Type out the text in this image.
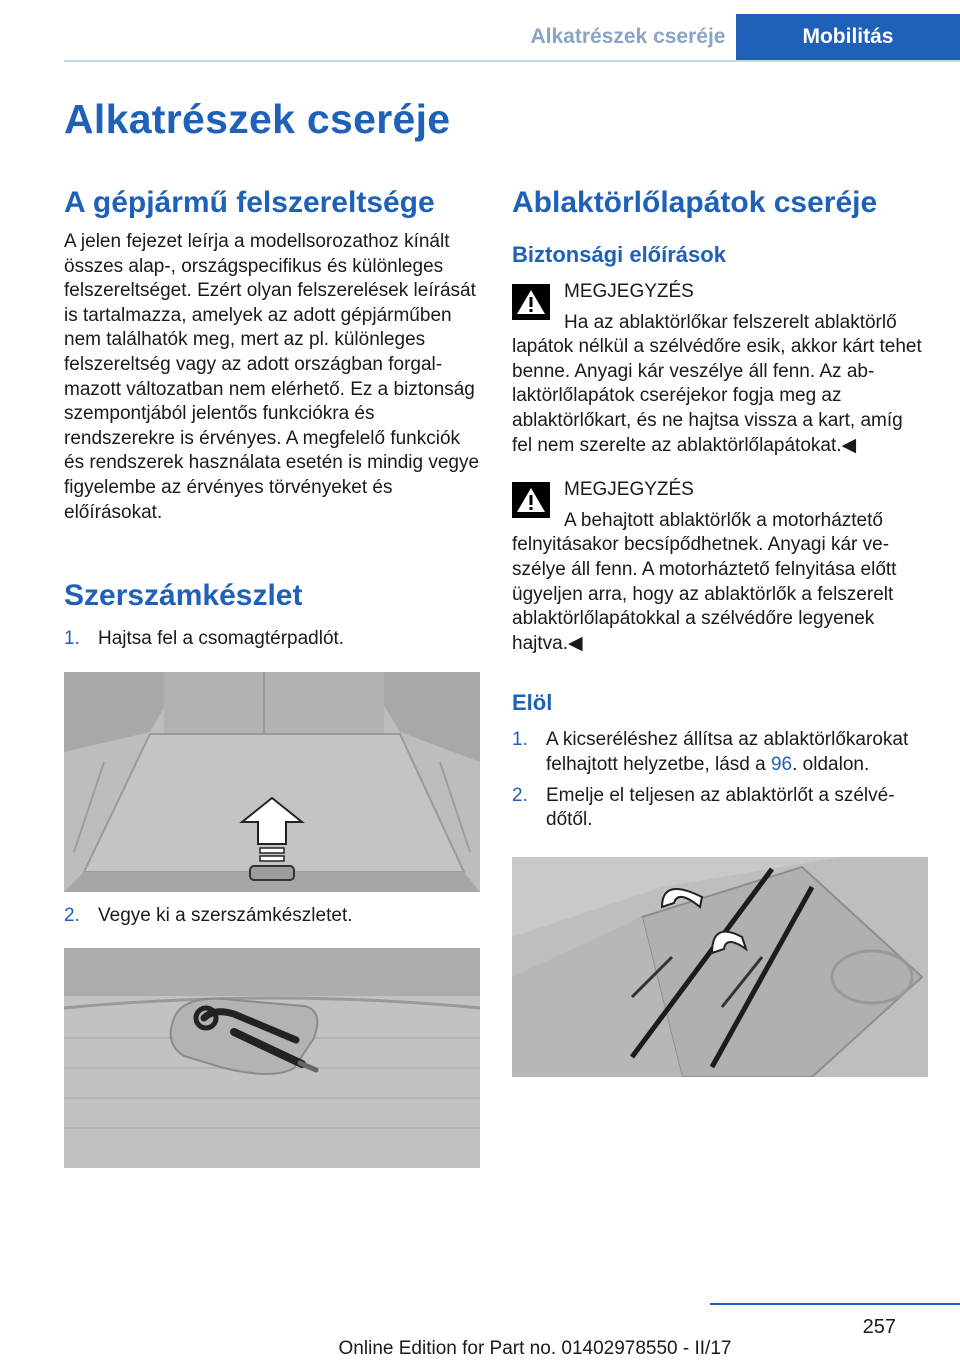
Alkatrészek cseréje	Mobilitás
Alkatrészek cseréje
A gépjármű felszereltsége

A jelen fejezet leírja a modellsorozathoz kínált összes alap-, országspecifikus és különleges felszereltséget. Ezért olyan felszerelések leírását is tartalmazza, amelyek az adott gépjárműben nem találhatók meg, mert az pl. különleges felszereltség vagy az adott országban forgalmazott változatban nem elérhető. Ez a biztonság szempontjából jelentős funkciókra és rendszerekre is érvényes. A megfelelő funkciók és rendszerek használata esetén is mindig vegye figyelembe az érvényes törvényeket és előírásokat.

Szerszámkészlet
1. Hajtsa fel a csomagtérpadlót.
2. Vegye ki a szerszámkészletet.
Ablaktörlőlapátok cseréje
Biztonsági előírások
MEGJEGYZÉS
Ha az ablaktörlőkar felszerelt ablaktörlő
lapátok nélkül a szélvédőre esik, akkor kárt tehet benne. Anyagi kár veszélye áll fenn. Az ablaktörlőlapátok cseréjekor fogja meg az ablaktörlőkart, és ne hajtsa vissza a kart, amíg fel nem szerelte az ablaktörlőlapátokat.◀
MEGJEGYZÉS
A behajtott ablaktörlők a motorháztető
felnyitásakor becsípődhetnek. Anyagi kár veszélye áll fenn. A motorháztető felnyitása előtt ügyeljen arra, hogy az ablaktörlők a felszerelt ablaktörlőlapátokkal a szélvédőre legyenek hajtva.◀
Elöl
1. A kicseréléshez állítsa az ablaktörlőkarokat felhajtott helyzetbe, lásd a 96. oldalon.
2. Emelje el teljesen az ablaktörlőt a szélvédőtől.
257
Online Edition for Part no. 01402978550 - II/17
